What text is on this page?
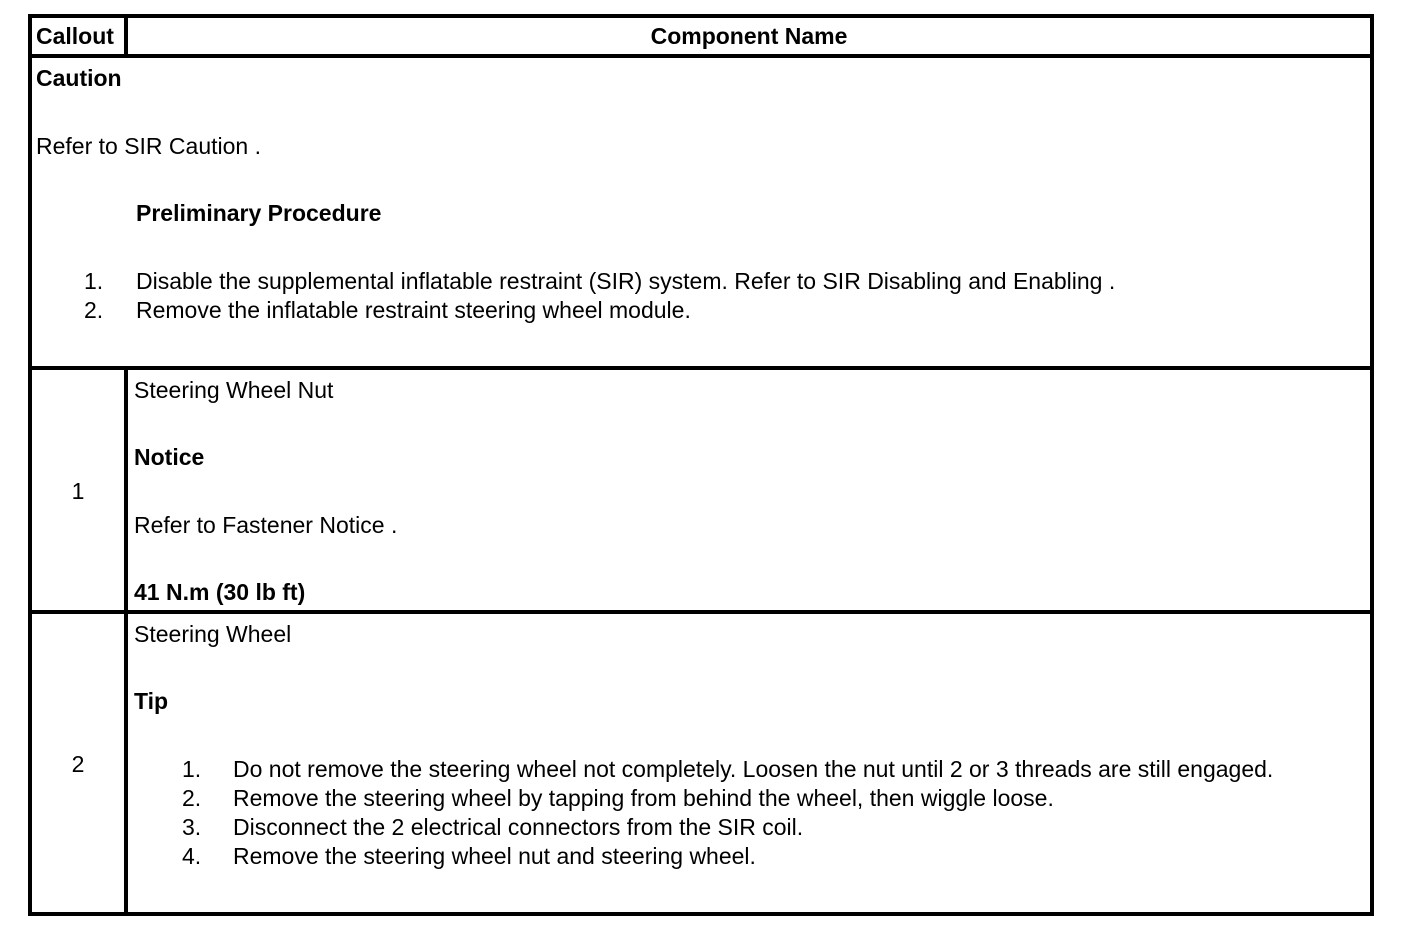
Callout	Component Name
Caution
Refer to SIR Caution .
Preliminary Procedure
1. Disable the supplemental inflatable restraint (SIR) system. Refer to SIR Disabling and Enabling .
2. Remove the inflatable restraint steering wheel module.
1
Steering Wheel Nut
Notice
Refer to Fastener Notice .
41 N.m (30 lb ft)
2
Steering Wheel
Tip
1. Do not remove the steering wheel not completely. Loosen the nut until 2 or 3 threads are still engaged.
2. Remove the steering wheel by tapping from behind the wheel, then wiggle loose.
3. Disconnect the 2 electrical connectors from the SIR coil.
4. Remove the steering wheel nut and steering wheel.
